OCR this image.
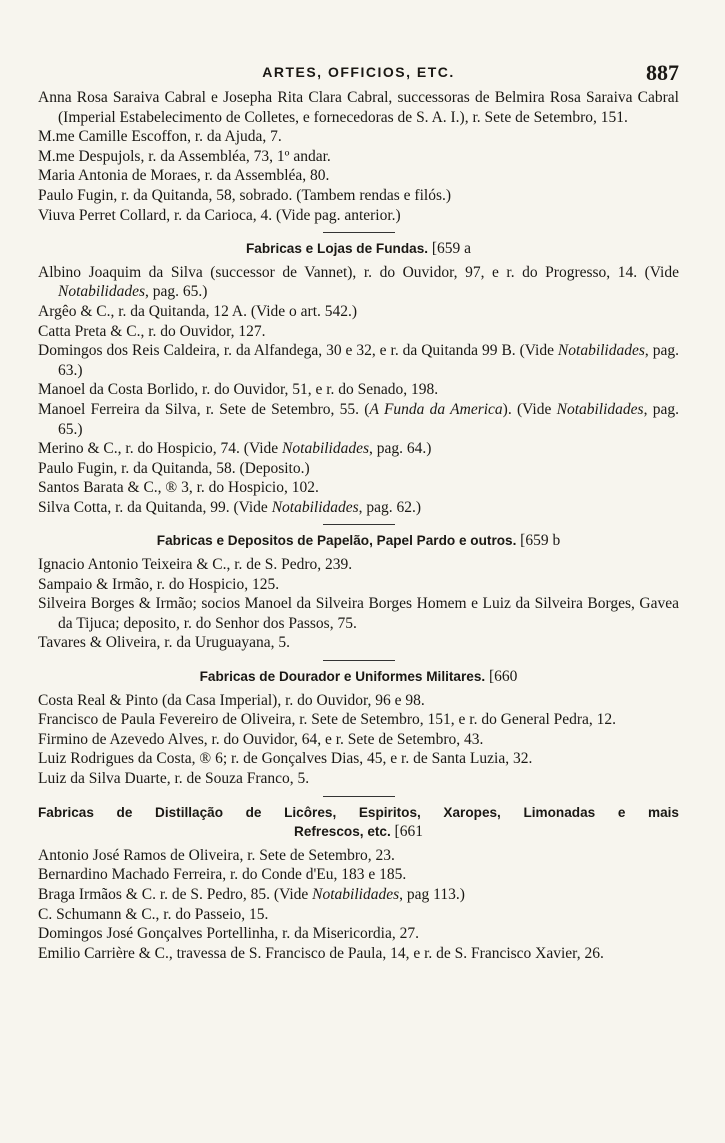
ARTES, OFFICIOS, ETC.	887

Anna Rosa Saraiva Cabral e Josepha Rita Clara Cabral, successoras de Belmira Rosa Saraiva Cabral (Imperial Estabelecimento de Colletes, e fornecedoras de S. A. I.), r. Sete de Setembro, 151.

M.me Camille Escoffon, r. da Ajuda, 7.

M.me Despujols, r. da Assembléa, 73, 1º andar.

Maria Antonia de Moraes, r. da Assembléa, 80.

Paulo Fugin, r. da Quitanda, 58, sobrado. (Tambem rendas e filós.)

Viuva Perret Collard, r. da Carioca, 4. (Vide pag. anterior.)

Fabricas e Lojas de Fundas. [659 a

Albino Joaquim da Silva (successor de Vannet), r. do Ouvidor, 97, e r. do Progresso, 14. (Vide Notabilidades, pag. 65.)

Argêo & C., r. da Quitanda, 12 A. (Vide o art. 542.)

Catta Preta & C., r. do Ouvidor, 127.

Domingos dos Reis Caldeira, r. da Alfandega, 30 e 32, e r. da Quitanda 99 B. (Vide Notabilidades, pag. 63.)

Manoel da Costa Borlido, r. do Ouvidor, 51, e r. do Senado, 198.

Manoel Ferreira da Silva, r. Sete de Setembro, 55. (A Funda da America). (Vide Notabilidades, pag. 65.)

Merino & C., r. do Hospicio, 74. (Vide Notabilidades, pag. 64.)

Paulo Fugin, r. da Quitanda, 58. (Deposito.)

Santos Barata & C., ® 3, r. do Hospicio, 102.

Silva Cotta, r. da Quitanda, 99. (Vide Notabilidades, pag. 62.)

Fabricas e Depositos de Papelão, Papel Pardo e outros. [659 b

Ignacio Antonio Teixeira & C., r. de S. Pedro, 239.

Sampaio & Irmão, r. do Hospicio, 125.

Silveira Borges & Irmão; socios Manoel da Silveira Borges Homem e Luiz da Silveira Borges, Gavea da Tijuca; deposito, r. do Senhor dos Passos, 75.

Tavares & Oliveira, r. da Uruguayana, 5.

Fabricas de Dourador e Uniformes Militares. [660

Costa Real & Pinto (da Casa Imperial), r. do Ouvidor, 96 e 98.

Francisco de Paula Fevereiro de Oliveira, r. Sete de Setembro, 151, e r. do General Pedra, 12.

Firmino de Azevedo Alves, r. do Ouvidor, 64, e r. Sete de Setembro, 43.

Luiz Rodrigues da Costa, ® 6; r. de Gonçalves Dias, 45, e r. de Santa Luzia, 32.

Luiz da Silva Duarte, r. de Souza Franco, 5.

Fabricas de Distillação de Licôres, Espiritos, Xaropes, Limonadas e mais
Refrescos, etc. [661

Antonio José Ramos de Oliveira, r. Sete de Setembro, 23.

Bernardino Machado Ferreira, r. do Conde d'Eu, 183 e 185.

Braga Irmãos & C. r. de S. Pedro, 85. (Vide Notabilidades, pag 113.)

C. Schumann & C., r. do Passeio, 15.

Domingos José Gonçalves Portellinha, r. da Misericordia, 27.

Emilio Carrière & C., travessa de S. Francisco de Paula, 14, e r. de S. Francisco Xavier, 26.
